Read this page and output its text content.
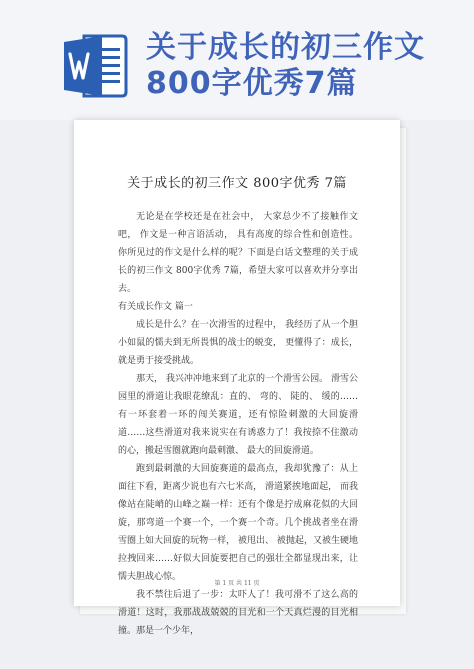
关于成长的初三作文800字优秀7篇
关于成长的初三作文 800字优秀 7篇

无论是在学校还是在社会中， 大家总少不了接触作文吧， 作文是一种言语活动， 具有高度的综合性和创造性。 你所见过的作文是什么样的呢？下面是白话文整理的关于成长的初三作文 800字优秀 7篇，希望大家可以喜欢并分享出去。

有关成长作文 篇一

成长是什么？在一次滑雪的过程中， 我经历了从一个胆小如鼠的懦夫到无所畏惧的战士的蜕变， 更懂得了：成长，就是勇于接受挑战。

那天， 我兴冲冲地来到了北京的一个滑雪公园。 滑雪公园里的滑道让我眼花缭乱：直的、 弯的、 陡的、 缓的…… 有一环套着一环的闯关赛道，还有惊险刺激的大回旋滑道……这些滑道对我来说实在有诱惑力了！我按捺不住激动的心，搬起雪圈就跑向最刺激、 最大的回旋滑道。

跑到最刺激的大回旋赛道的最高点，我却犹豫了：从上面往下看，距离少说也有六七米高， 滑道紧挨地面起， 而我像站在陡峭的山峰之巅一样：还有个像是拧成麻花似的大回旋，那弯道一个赛一个，一个赛一个奇。几个挑战者坐在滑雪圈上如大回旋的玩物一样， 被甩出、 被抛起，又被生硬地拉拽回来……好似大回旋要把自己的强壮全都显现出来，让懦夫胆战心惊。

我不禁往后退了一步：太吓人了！我可滑不了这么高的滑道！这时，我那战战兢兢的目光和一个天真烂漫的目光相撞。那是一个少年，

第 1 页 共 11 页
